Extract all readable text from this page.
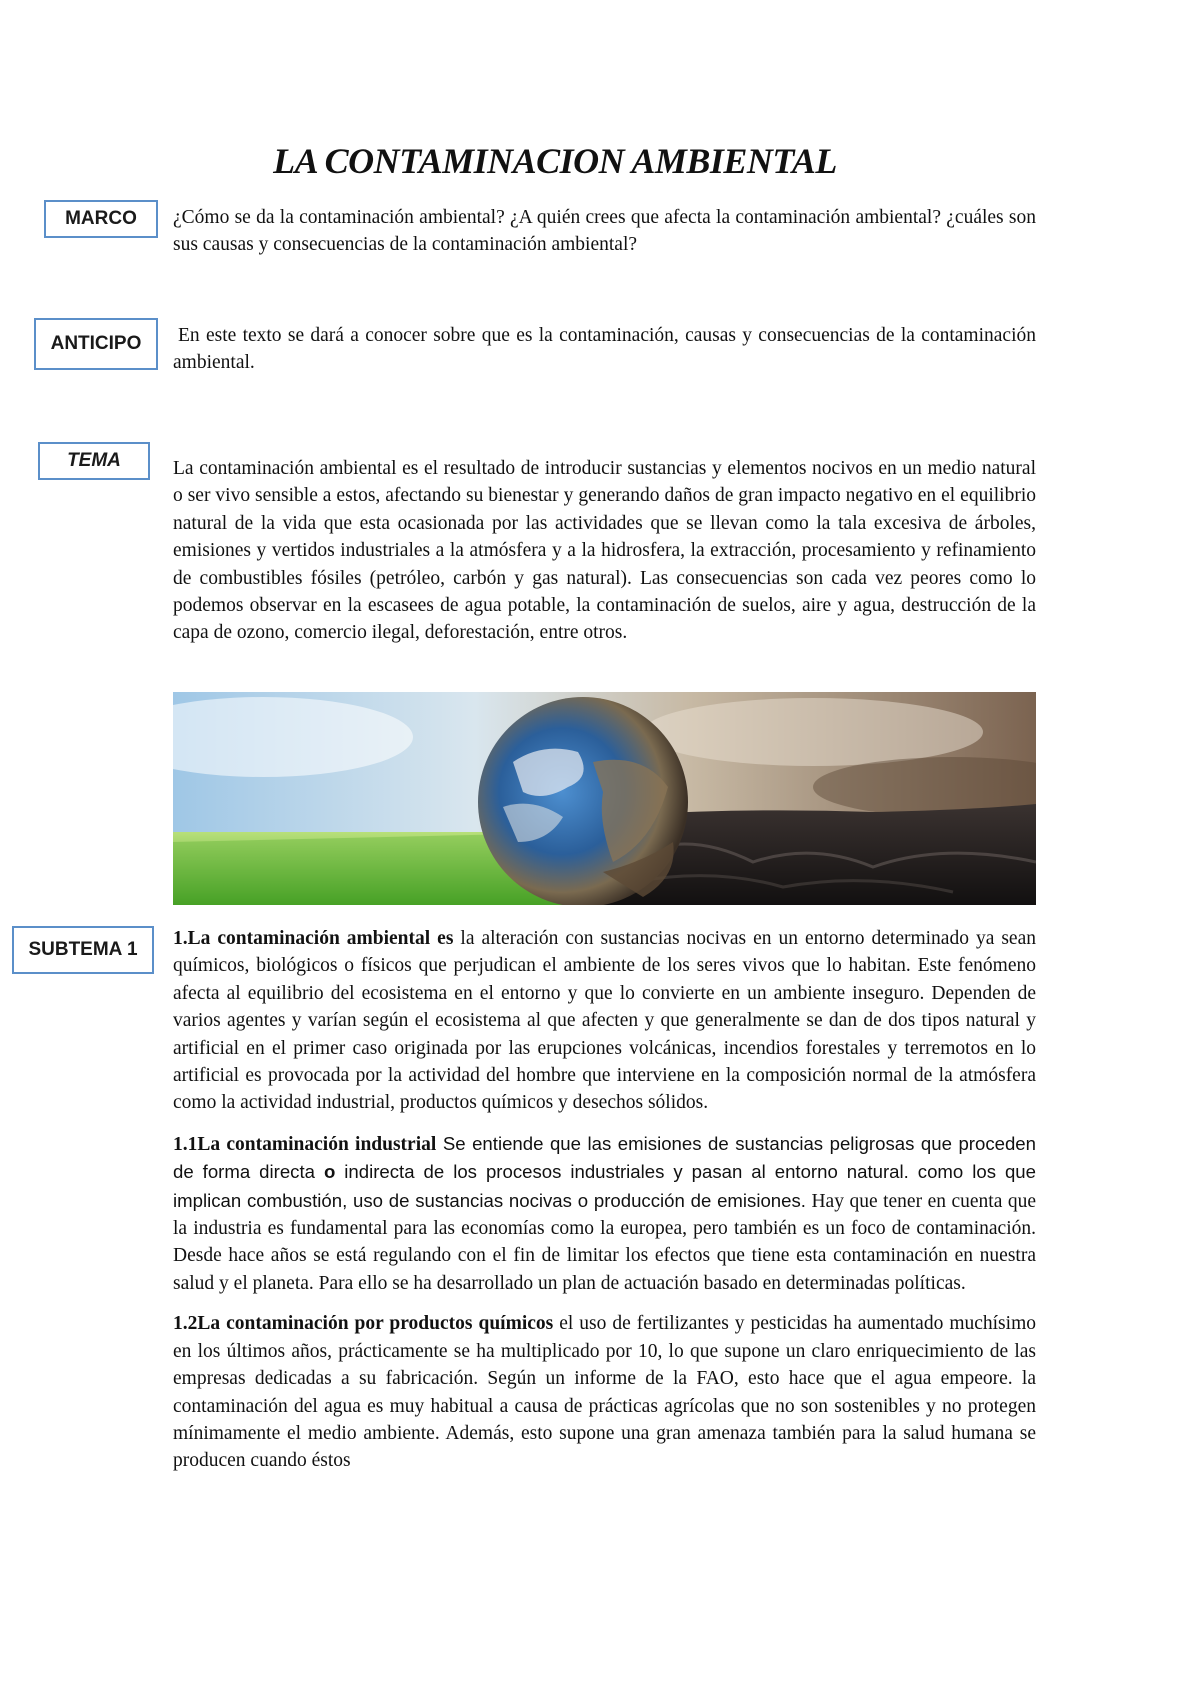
LA CONTAMINACION AMBIENTAL
MARCO	¿Cómo se da la contaminación ambiental? ¿A quién crees que afecta la contaminación ambiental? ¿cuáles son sus causas y consecuencias de la contaminación ambiental?

ANTICIPO	En este texto se dará a conocer sobre que es la contaminación, causas y consecuencias de la contaminación ambiental.

TEMA	La contaminación ambiental es el resultado de introducir sustancias y elementos nocivos en un medio natural o ser vivo sensible a estos, afectando su bienestar y generando daños de gran impacto negativo en el equilibrio natural de la vida que esta ocasionada por las actividades que se llevan como la tala excesiva de árboles, emisiones y vertidos industriales a la atmósfera y a la hidrosfera, la extracción, procesamiento y refinamiento de combustibles fósiles (petróleo, carbón y gas natural). Las consecuencias son cada vez peores como lo podemos observar en la escasees de agua potable, la contaminación de suelos, aire y agua, destrucción de la capa de ozono, comercio ilegal, deforestación, entre otros.

SUBTEMA 1

1.La contaminación ambiental es la alteración con sustancias nocivas en un entorno determinado ya sean químicos, biológicos o físicos que perjudican el ambiente de los seres vivos que lo habitan. Este fenómeno afecta al equilibrio del ecosistema en el entorno y que lo convierte en un ambiente inseguro. Dependen de varios agentes y varían según el ecosistema al que afecten y que generalmente se dan de dos tipos natural y artificial en el primer caso originada por las erupciones volcánicas, incendios forestales y terremotos en lo artificial es provocada por la actividad del hombre que interviene en la composición normal de la atmósfera como la actividad industrial, productos químicos y desechos sólidos.

1.1La contaminación industrial Se entiende que las emisiones de sustancias peligrosas que proceden de forma directa o indirecta de los procesos industriales y pasan al entorno natural. como los que implican combustión, uso de sustancias nocivas o producción de emisiones. Hay que tener en cuenta que la industria es fundamental para las economías como la europea, pero también es un foco de contaminación. Desde hace años se está regulando con el fin de limitar los efectos que tiene esta contaminación en nuestra salud y el planeta. Para ello se ha desarrollado un plan de actuación basado en determinadas políticas.

1.2La contaminación por productos químicos el uso de fertilizantes y pesticidas ha aumentado muchísimo en los últimos años, prácticamente se ha multiplicado por 10, lo que supone un claro enriquecimiento de las empresas dedicadas a su fabricación. Según un informe de la FAO, esto hace que el agua empeore. la contaminación del agua es muy habitual a causa de prácticas agrícolas que no son sostenibles y no protegen mínimamente el medio ambiente. Además, esto supone una gran amenaza también para la salud humana se producen cuando éstos
